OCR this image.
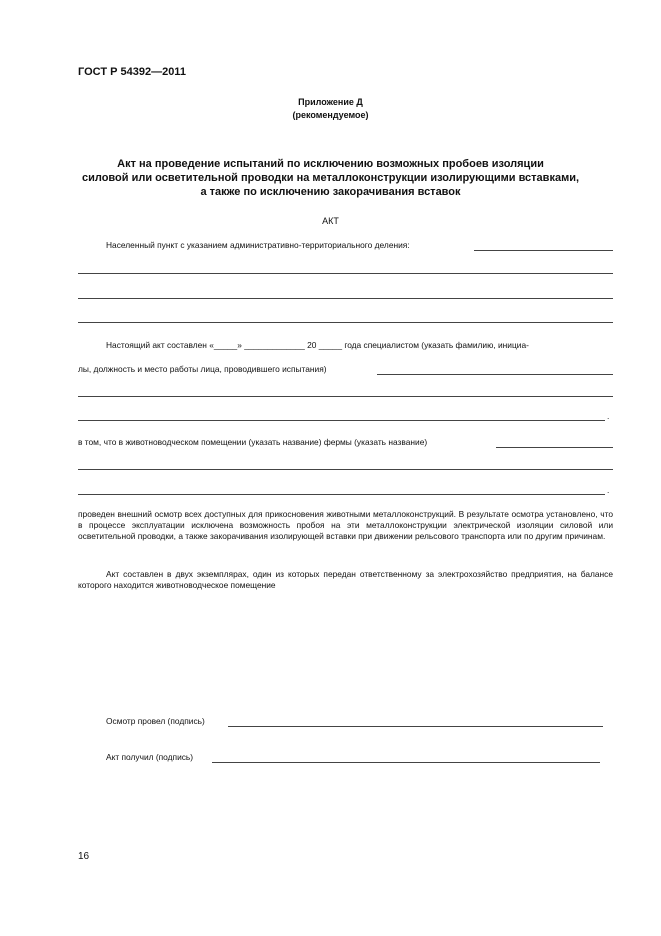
ГОСТ Р 54392—2011
Приложение Д
(рекомендуемое)
Акт на проведение испытаний по исключению возможных пробоев изоляции
силовой или осветительной проводки на металлоконструкции изолирующими вставками,
а также по исключению закорачивания вставок
АКТ
Населенный пункт с указанием административно-территориального деления:
Настоящий акт составлен «_____» _____________ 20 _____ года специалистом (указать фамилию, инициа-
лы, должность и место работы лица, проводившего испытания)
.
в том, что в животноводческом помещении (указать название) фермы (указать название)
.
проведен внешний осмотр всех доступных для прикосновения животными металлоконструкций. В результате осмотра установлено, что в процессе эксплуатации исключена возможность пробоя на эти металлоконструкции электрической изоляции силовой или осветительной проводки, а также закорачивания изолирующей вставки при движении рельсового транспорта или по другим причинам.
Акт составлен в двух экземплярах, один из которых передан ответственному за электрохозяйство предприятия, на балансе которого находится животноводческое помещение
Осмотр провел (подпись)
Акт получил (подпись)
16
